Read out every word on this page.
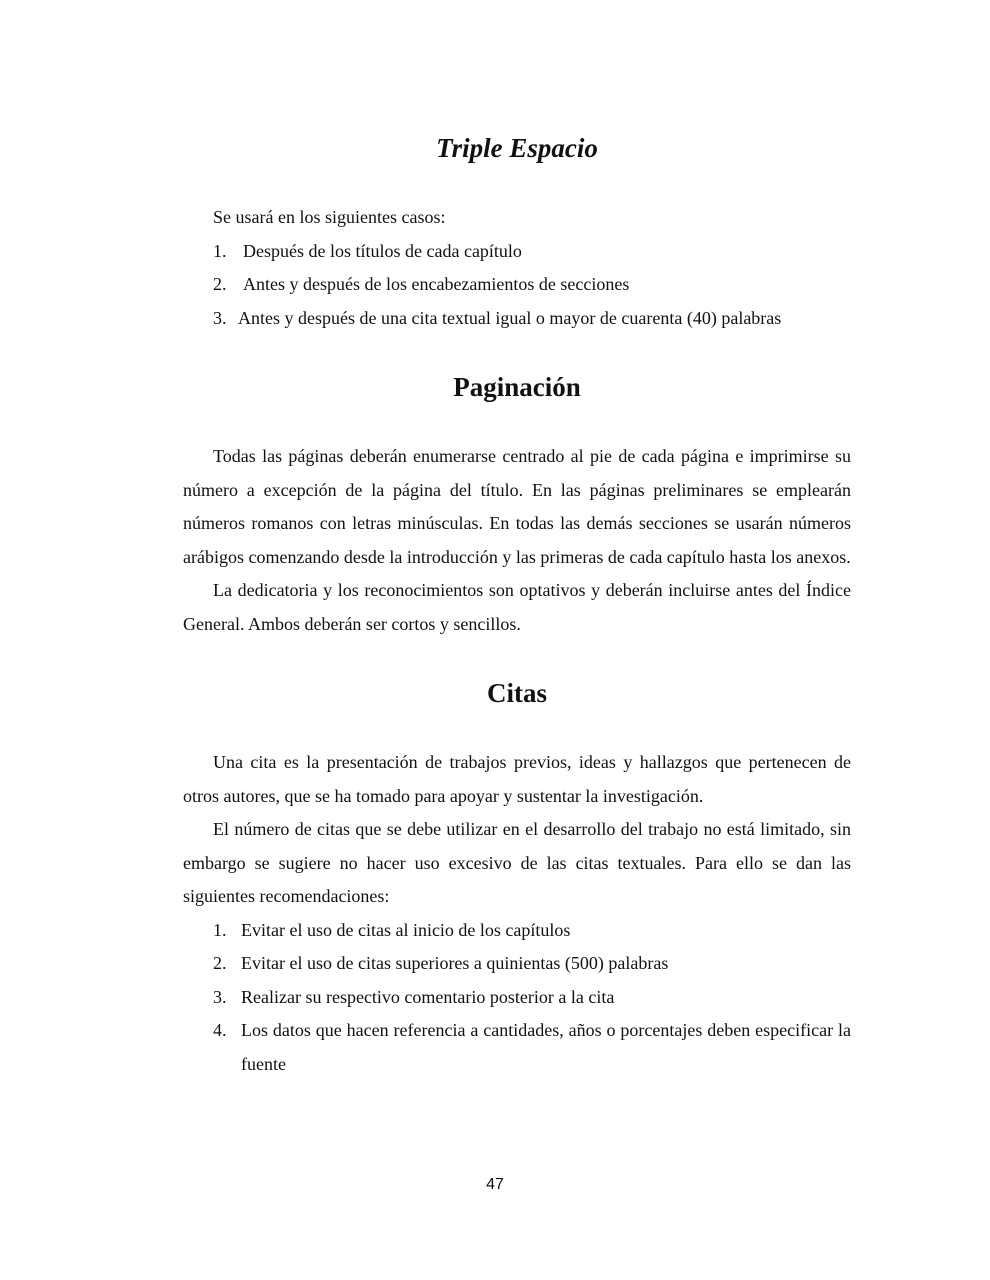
Triple Espacio

Se usará en los siguientes casos:

1. Después de los títulos de cada capítulo
2. Antes y después de los encabezamientos de secciones
3. Antes y después de una cita textual igual o mayor de cuarenta (40) palabras
Paginación

Todas las páginas deberán enumerarse centrado al pie de cada página e imprimirse su número a excepción de la página del título. En las páginas preliminares se emplearán números romanos con letras minúsculas. En todas las demás secciones se usarán números arábigos comenzando desde la introducción y las primeras de cada capítulo hasta los anexos.

La dedicatoria y los reconocimientos son optativos y deberán incluirse antes del Índice General. Ambos deberán ser cortos y sencillos.

Citas

Una cita es la presentación de trabajos previos, ideas y hallazgos que pertenecen de otros autores, que se ha tomado para apoyar y sustentar la investigación.

El número de citas que se debe utilizar en el desarrollo del trabajo no está limitado, sin embargo se sugiere no hacer uso excesivo de las citas textuales. Para ello se dan las siguientes recomendaciones:

1. Evitar el uso de citas al inicio de los capítulos
2. Evitar el uso de citas superiores a quinientas (500) palabras
3. Realizar su respectivo comentario posterior a la cita
4. Los datos que hacen referencia a cantidades, años o porcentajes deben especificar la fuente
47
